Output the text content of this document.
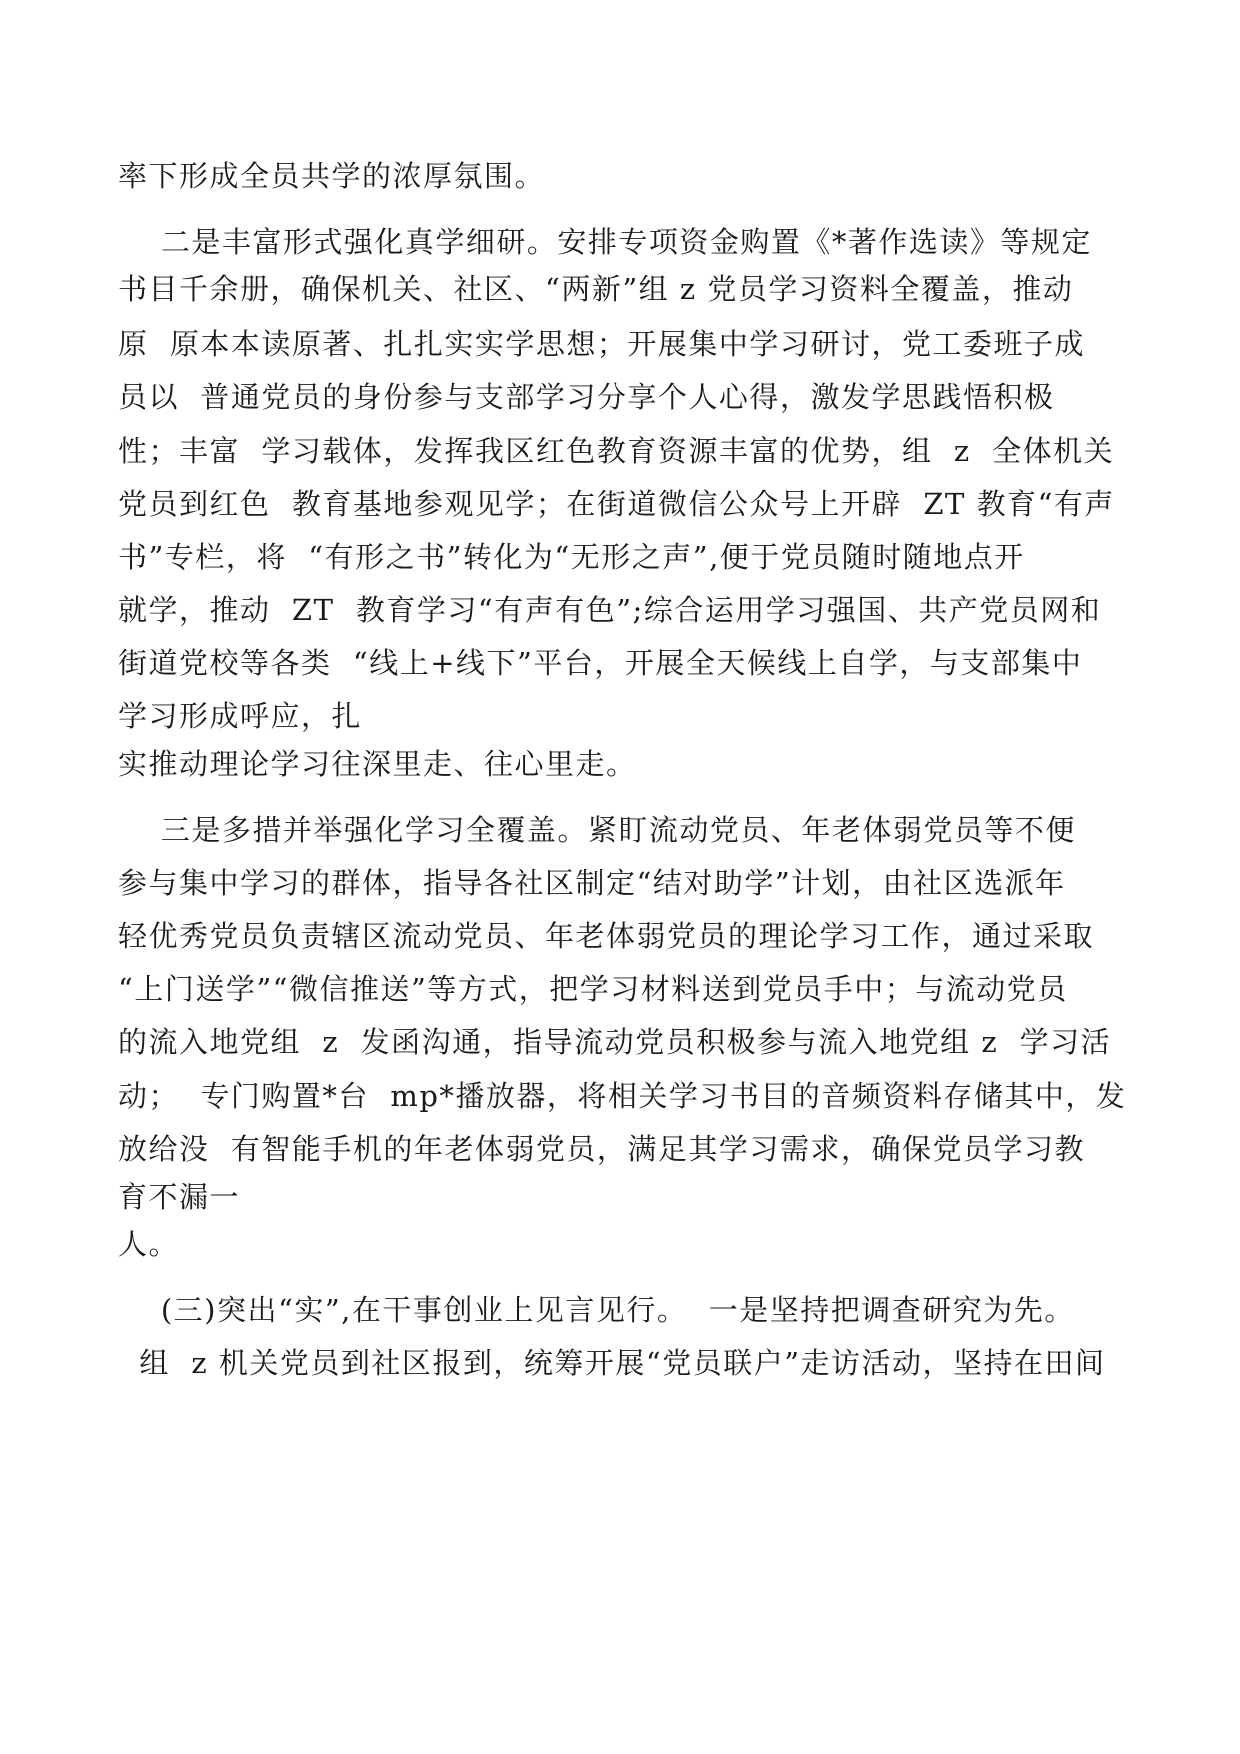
率下形成全员共学的浓厚氛围。
二是丰富形式强化真学细研。安排专项资金购置《*著作选读》等规定
书目千余册，确保机关、社区、“两新”组 z 党员学习资料全覆盖，推动
原  原本本读原著、扎扎实实学思想；开展集中学习研讨，党工委班子成
员以  普通党员的身份参与支部学习分享个人心得，激发学思践悟积极
性；丰富  学习载体，发挥我区红色教育资源丰富的优势，组  z  全体机关
党员到红色  教育基地参观见学；在街道微信公众号上开辟  ZT 教育“有声
书”专栏，将  “有形之书”转化为“无形之声”,便于党员随时随地点开
就学，推动  ZT  教育学习“有声有色”;综合运用学习强国、共产党员网和
街道党校等各类  “线上+线下”平台，开展全天候线上自学，与支部集中
学习形成呼应，扎
实推动理论学习往深里走、往心里走。
三是多措并举强化学习全覆盖。紧盯流动党员、年老体弱党员等不便
参与集中学习的群体，指导各社区制定“结对助学”计划，由社区选派年
轻优秀党员负责辖区流动党员、年老体弱党员的理论学习工作，通过采取
“上门送学”“微信推送”等方式，把学习材料送到党员手中；与流动党员
的流入地党组  z  发函沟通，指导流动党员积极参与流入地党组 z  学习活
动；  专门购置*台  mp*播放器，将相关学习书目的音频资料存储其中，发
放给没  有智能手机的年老体弱党员，满足其学习需求，确保党员学习教
育不漏一
人。
(三)突出“实”,在干事创业上见言见行。  一是坚持把调查研究为先。
组  z 机关党员到社区报到，统筹开展“党员联户”走访活动，坚持在田间
